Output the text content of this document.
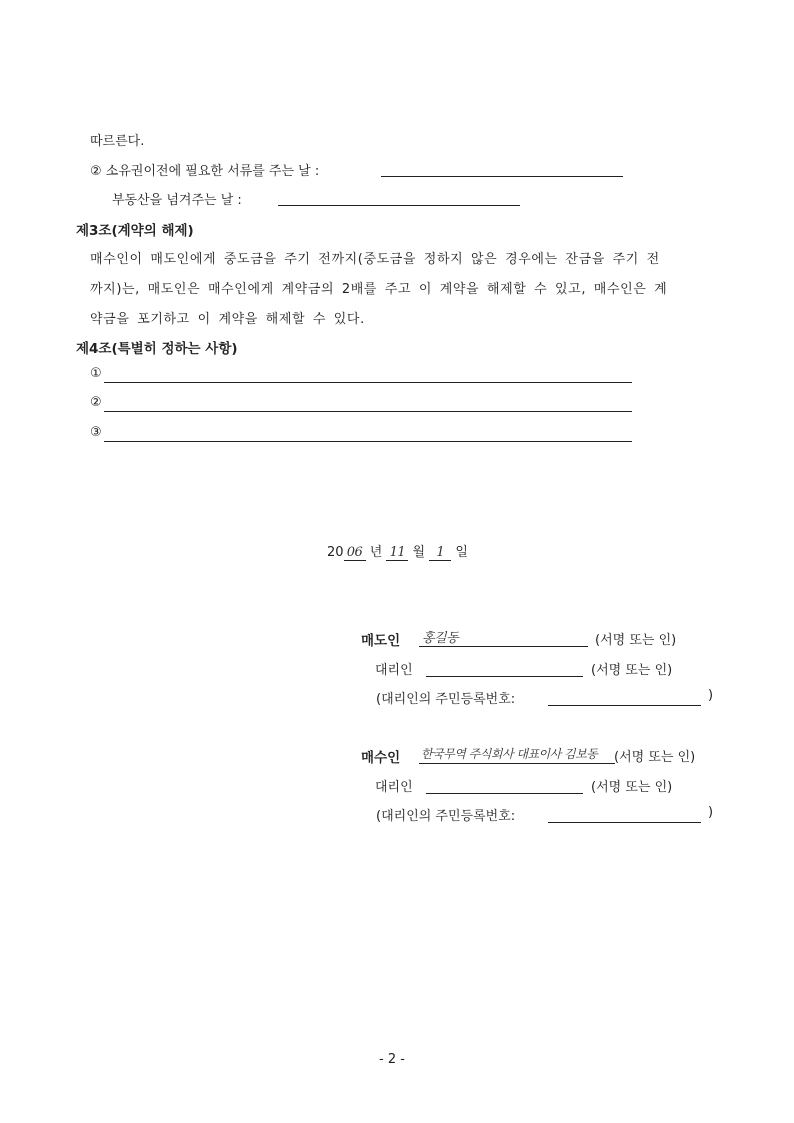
따르른다.
② 소유권이전에 필요한 서류를 주는 날 :
부동산을 넘겨주는 날 :
제3조(계약의 해제)
매수인이 매도인에게 중도금을 주기 전까지(중도금을 정하지 않은 경우에는 잔금을 주기 전
까지)는, 매도인은 매수인에게 계약금의 2배를 주고 이 계약을 해제할 수 있고, 매수인은 계
약금을 포기하고 이 계약을 해제할 수 있다.
제4조(특별히 정하는 사항)
①
②
③
20 06 년 11 월 1 일
매도인 홍길동	(서명 또는 인)
대리인	(서명 또는 인)
(대리인의 주민등록번호:	)
매수인 한국무역 주식회사 대표이사 김보동 (서명 또는 인)
대리인	(서명 또는 인)
(대리인의 주민등록번호:	)
- 2 -
